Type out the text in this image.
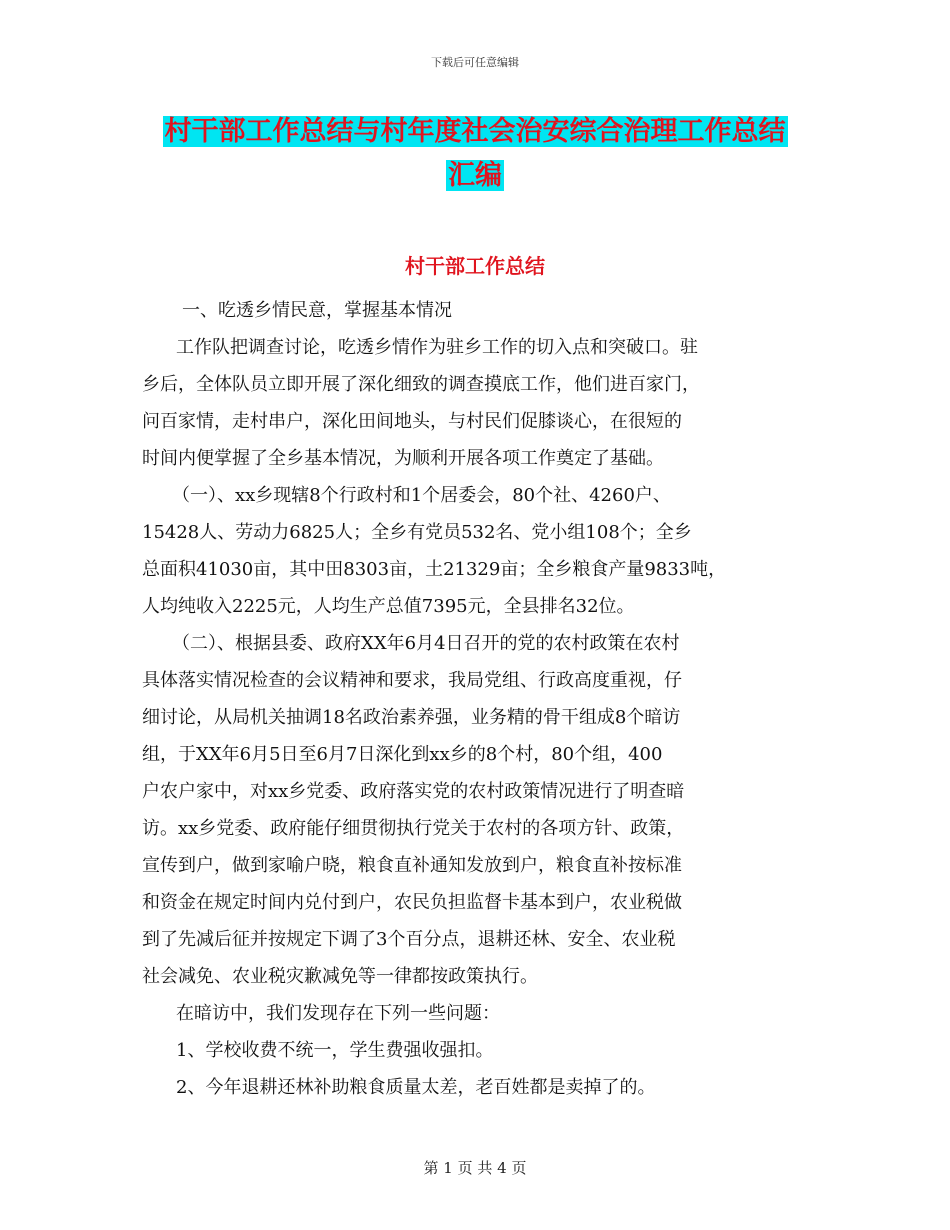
下载后可任意编辑
村干部工作总结与村年度社会治安综合治理工作总结
汇编
村干部工作总结
一、吃透乡情民意，掌握基本情况
工作队把调查讨论，吃透乡情作为驻乡工作的切入点和突破口。驻
乡后，全体队员立即开展了深化细致的调查摸底工作，他们进百家门，
问百家情，走村串户，深化田间地头，与村民们促膝谈心，在很短的
时间内便掌握了全乡基本情况，为顺利开展各项工作奠定了基础。
（一）、xx乡现辖8个行政村和1个居委会，80个社、4260户、
15428人、劳动力6825人；全乡有党员532名、党小组108个；全乡
总面积41030亩，其中田8303亩，土21329亩；全乡粮食产量9833吨，
人均纯收入2225元，人均生产总值7395元，全县排名32位。
（二）、根据县委、政府XX年6月4日召开的党的农村政策在农村
具体落实情况检查的会议精神和要求，我局党组、行政高度重视，仔
细讨论，从局机关抽调18名政治素养强，业务精的骨干组成8个暗访
组，于XX年6月5日至6月7日深化到xx乡的8个村，80个组，400
户农户家中，对xx乡党委、政府落实党的农村政策情况进行了明查暗
访。xx乡党委、政府能仔细贯彻执行党关于农村的各项方针、政策，
宣传到户，做到家喻户晓，粮食直补通知发放到户，粮食直补按标准
和资金在规定时间内兑付到户，农民负担监督卡基本到户，农业税做
到了先减后征并按规定下调了3个百分点，退耕还林、安全、农业税
社会减免、农业税灾歉减免等一律都按政策执行。
在暗访中，我们发现存在下列一些问题：
1、学校收费不统一，学生费强收强扣。
2、今年退耕还林补助粮食质量太差，老百姓都是卖掉了的。
第 1 页 共 4 页
